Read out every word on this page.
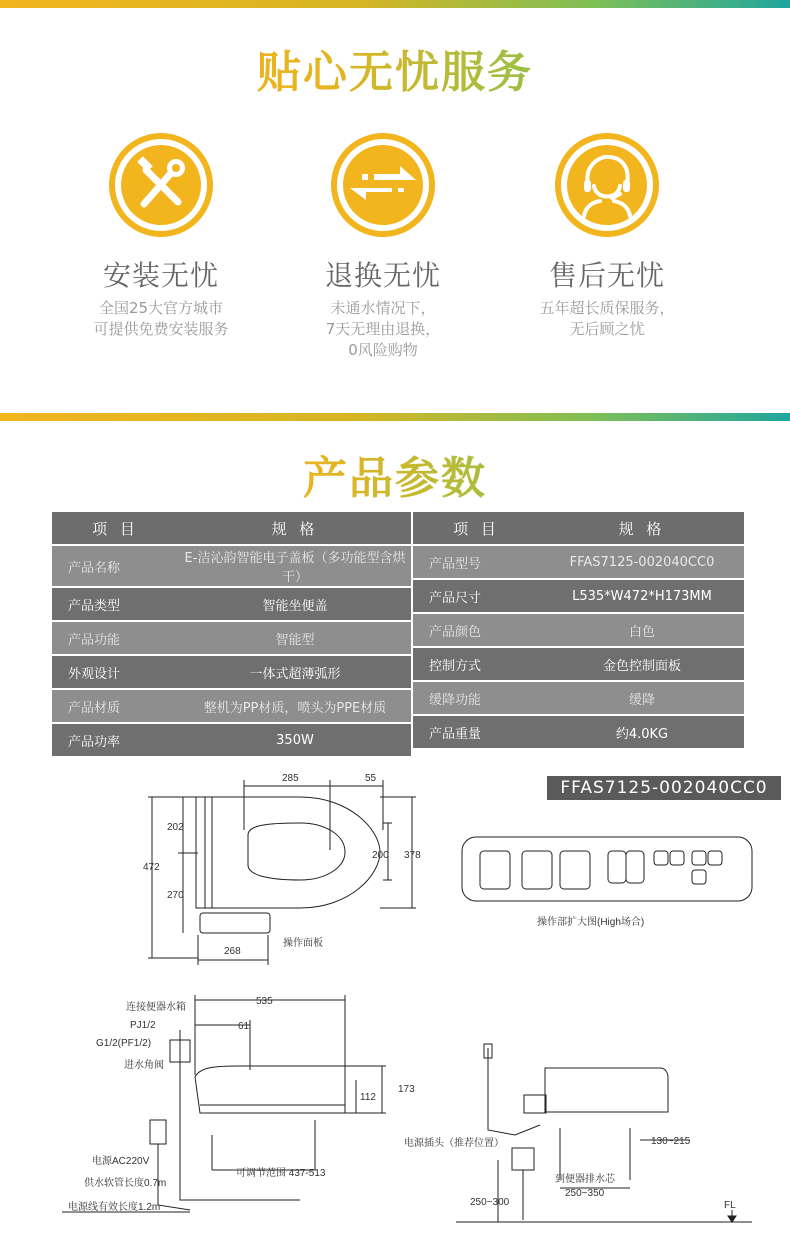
贴心无忧服务
安装无忧
全国25大官方城市
可提供免费安装服务
退换无忧
未通水情况下，
7天无理由退换，
0风险购物
售后无忧
五年超长质保服务，
无后顾之忧
产品参数
项 目	规 格
产品名称	E-洁沁韵智能电子盖板（多功能型含烘干）
产品类型	智能坐便盖
产品功能	智能型
外观设计	一体式超薄弧形
产品材质	整机为PP材质，喷头为PPE材质
产品功率	350W
项 目	规 格
产品型号	FFAS7125-002040CC0
产品尺寸	L535*W472*H173MM
产品颜色	白色
控制方式	金色控制面板
缓降功能	缓降
产品重量	约4.0KG
FFAS7125-002040CC0
285	55
472
202
270
200 378
268
操作面板
操作部扩大图(High场合)
535
61
173
112
连接便器水箱
PJ1/2
G1/2(PF1/2)
进水角阀
电源AC220V
供水软管长度0.7m
电源线有效长度1.2m
可调节范围 437-513
电源插头（推荐位置）	130~215
到便器排水芯
250~350
250~300	FL
